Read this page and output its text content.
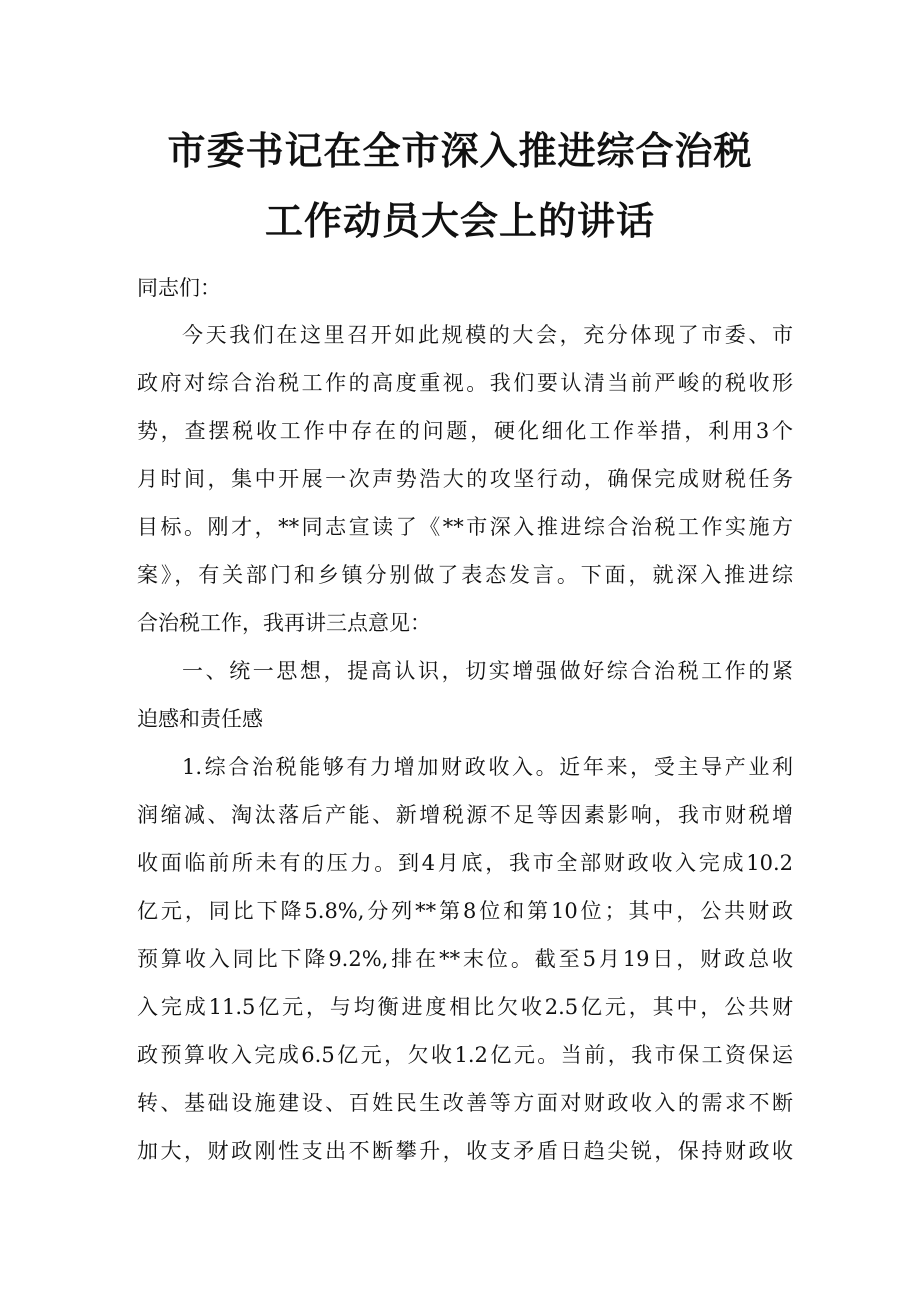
市委书记在全市深入推进综合治税
工作动员大会上的讲话
同志们：
今天我们在这里召开如此规模的大会，充分体现了市委、市
政府对综合治税工作的高度重视。我们要认清当前严峻的税收形
势，查摆税收工作中存在的问题，硬化细化工作举措，利用3个
月时间，集中开展一次声势浩大的攻坚行动，确保完成财税任务
目标。刚才，**同志宣读了《**市深入推进综合治税工作实施方
案》，有关部门和乡镇分别做了表态发言。下面，就深入推进综
合治税工作，我再讲三点意见：
一、统一思想，提高认识，切实增强做好综合治税工作的紧
迫感和责任感
1.综合治税能够有力增加财政收入。近年来，受主导产业利
润缩减、淘汰落后产能、新增税源不足等因素影响，我市财税增
收面临前所未有的压力。到4月底，我市全部财政收入完成10.2
亿元，同比下降5.8%,分列**第8位和第10位；其中，公共财政
预算收入同比下降9.2%,排在**末位。截至5月19日，财政总收
入完成11.5亿元，与均衡进度相比欠收2.5亿元，其中，公共财
政预算收入完成6.5亿元，欠收1.2亿元。当前，我市保工资保运
转、基础设施建设、百姓民生改善等方面对财政收入的需求不断
加大，财政刚性支出不断攀升，收支矛盾日趋尖锐，保持财政收
